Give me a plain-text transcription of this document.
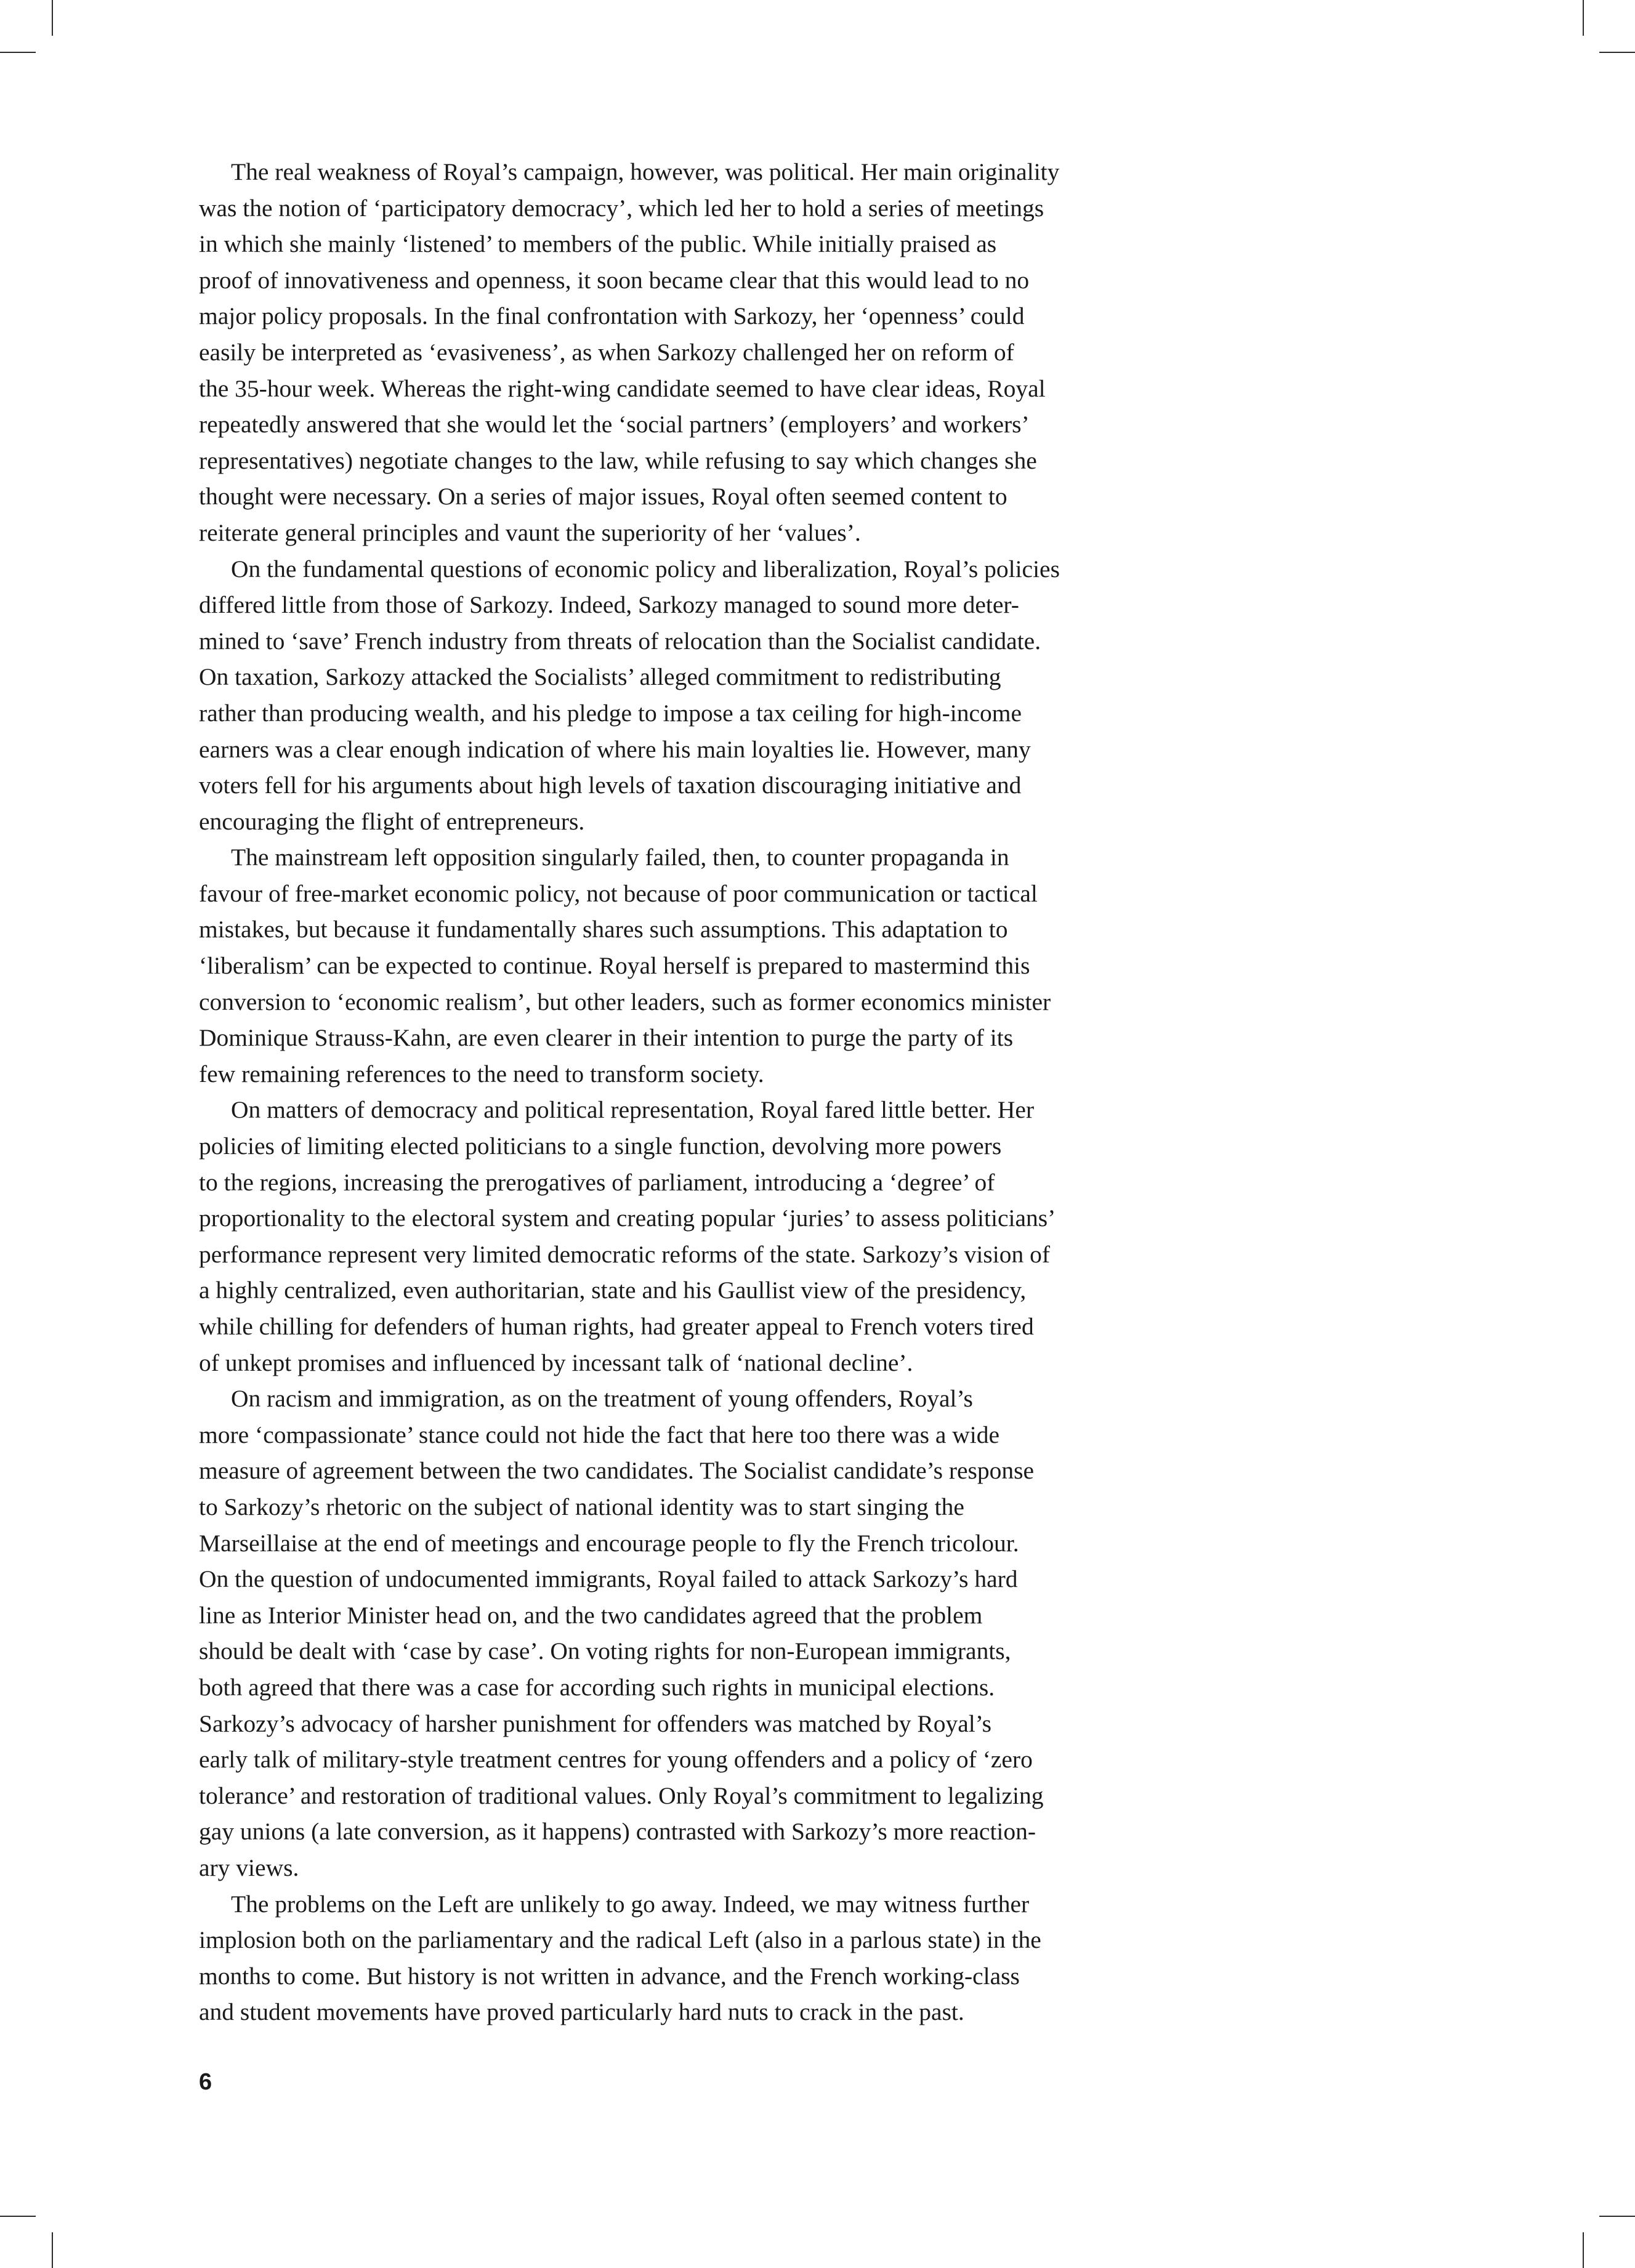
The real weakness of Royal’s campaign, however, was political. Her main originality
was the notion of ‘participatory democracy’, which led her to hold a series of meetings
in which she mainly ‘listened’ to members of the public. While initially praised as
proof of innovativeness and openness, it soon became clear that this would lead to no
major policy proposals. In the final confrontation with Sarkozy, her ‘openness’ could
easily be interpreted as ‘evasiveness’, as when Sarkozy challenged her on reform of
the 35-hour week. Whereas the right-wing candidate seemed to have clear ideas, Royal
repeatedly answered that she would let the ‘social partners’ (employers’ and workers’
representatives) negotiate changes to the law, while refusing to say which changes she
thought were necessary. On a series of major issues, Royal often seemed content to
reiterate general principles and vaunt the superiority of her ‘values’.

On the fundamental questions of economic policy and liberalization, Royal’s policies
differed little from those of Sarkozy. Indeed, Sarkozy managed to sound more deter-
mined to ‘save’ French industry from threats of relocation than the Socialist candidate.
On taxation, Sarkozy attacked the Socialists’ alleged commitment to redistributing
rather than producing wealth, and his pledge to impose a tax ceiling for high-income
earners was a clear enough indication of where his main loyalties lie. However, many
voters fell for his arguments about high levels of taxation discouraging initiative and
encouraging the flight of entrepreneurs.

The mainstream left opposition singularly failed, then, to counter propaganda in
favour of free-market economic policy, not because of poor communication or tactical
mistakes, but because it fundamentally shares such assumptions. This adaptation to
‘liberalism’ can be expected to continue. Royal herself is prepared to mastermind this
conversion to ‘economic realism’, but other leaders, such as former economics minister
Dominique Strauss-Kahn, are even clearer in their intention to purge the party of its
few remaining references to the need to transform society.

On matters of democracy and political representation, Royal fared little better. Her
policies of limiting elected politicians to a single function, devolving more powers
to the regions, increasing the prerogatives of parliament, introducing a ‘degree’ of
proportionality to the electoral system and creating popular ‘juries’ to assess politicians’
performance represent very limited democratic reforms of the state. Sarkozy’s vision of
a highly centralized, even authoritarian, state and his Gaullist view of the presidency,
while chilling for defenders of human rights, had greater appeal to French voters tired
of unkept promises and influenced by incessant talk of ‘national decline’.

On racism and immigration, as on the treatment of young offenders, Royal’s
more ‘compassionate’ stance could not hide the fact that here too there was a wide
measure of agreement between the two candidates. The Socialist candidate’s response
to Sarkozy’s rhetoric on the subject of national identity was to start singing the
Marseillaise at the end of meetings and encourage people to fly the French tricolour.
On the question of undocumented immigrants, Royal failed to attack Sarkozy’s hard
line as Interior Minister head on, and the two candidates agreed that the problem
should be dealt with ‘case by case’. On voting rights for non-European immigrants,
both agreed that there was a case for according such rights in municipal elections.
Sarkozy’s advocacy of harsher punishment for offenders was matched by Royal’s
early talk of military-style treatment centres for young offenders and a policy of ‘zero
tolerance’ and restoration of traditional values. Only Royal’s commitment to legalizing
gay unions (a late conversion, as it happens) contrasted with Sarkozy’s more reaction-
ary views.

The problems on the Left are unlikely to go away. Indeed, we may witness further
implosion both on the parliamentary and the radical Left (also in a parlous state) in the
months to come. But history is not written in advance, and the French working-class
and student movements have proved particularly hard nuts to crack in the past.

6
